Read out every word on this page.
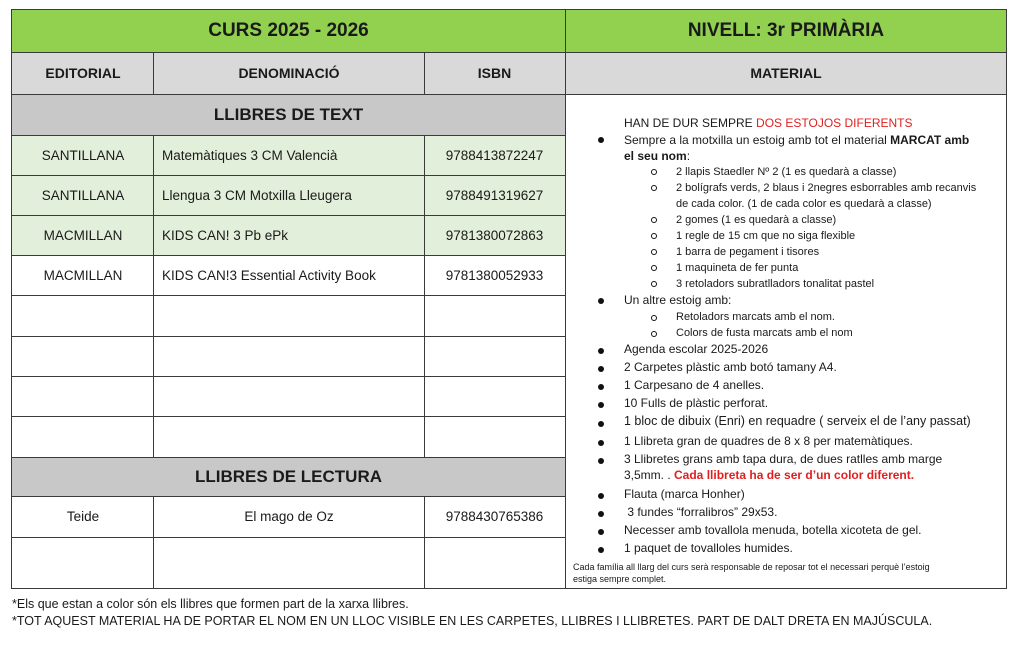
CURS 2025 - 2026	NIVELL: 3r PRIMÀRIA
EDITORIAL	DENOMINACIÓ	ISBN	MATERIAL
LLIBRES DE TEXT
SANTILLANA	Matemàtiques 3 CM Valencià	9788413872247
SANTILLANA	Llengua 3 CM Motxilla Lleugera	9788491319627
MACMILLAN	KIDS CAN! 3 Pb ePk	9781380072863
MACMILLAN	KIDS CAN!3 Essential Activity Book	9781380052933
LLIBRES DE LECTURA
Teide	El mago de Oz	9788430765386
HAN DE DUR SEMPRE DOS ESTOJOS DIFERENTS
Sempre a la motxilla un estoig amb tot el material MARCAT amb
el seu nom:
2 llapis Staedler Nº 2 (1 es quedarà a classe)
2 bolígrafs verds, 2 blaus i 2negres esborrables amb recanvis
de cada color. (1 de cada color es quedarà a classe)
2 gomes (1 es quedarà a classe)
1 regle de 15 cm que no siga flexible
1 barra de pegament i tisores
1 maquineta de fer punta
3 retoladors subratlladors tonalitat pastel
Un altre estoig amb:
Retoladors marcats amb el nom.
Colors de fusta marcats amb el nom
Agenda escolar 2025-2026
2 Carpetes plàstic amb botó tamany A4.
1 Carpesano de 4 anelles.
10 Fulls de plàstic perforat.
1 bloc de dibuix (Enri) en requadre ( serveix el de l’any passat)
1 Llibreta gran de quadres de 8 x 8 per matemàtiques.
3 Llibretes grans amb tapa dura, de dues ratlles amb marge
3,5mm. . Cada llibreta ha de ser d’un color diferent.
Flauta (marca Honher)
3 fundes “forralibros” 29x53.
Necesser amb tovallola menuda, botella xicoteta de gel.
1 paquet de tovalloles humides.
Cada família all llarg del curs serà responsable de reposar tot el necessari perquè l’estoig
estiga sempre complet.
*Els que estan a color són els llibres que formen part de la xarxa llibres.
*TOT AQUEST MATERIAL HA DE PORTAR EL NOM EN UN LLOC VISIBLE EN LES CARPETES, LLIBRES I LLIBRETES. PART DE DALT DRETA EN MAJÚSCULA.
